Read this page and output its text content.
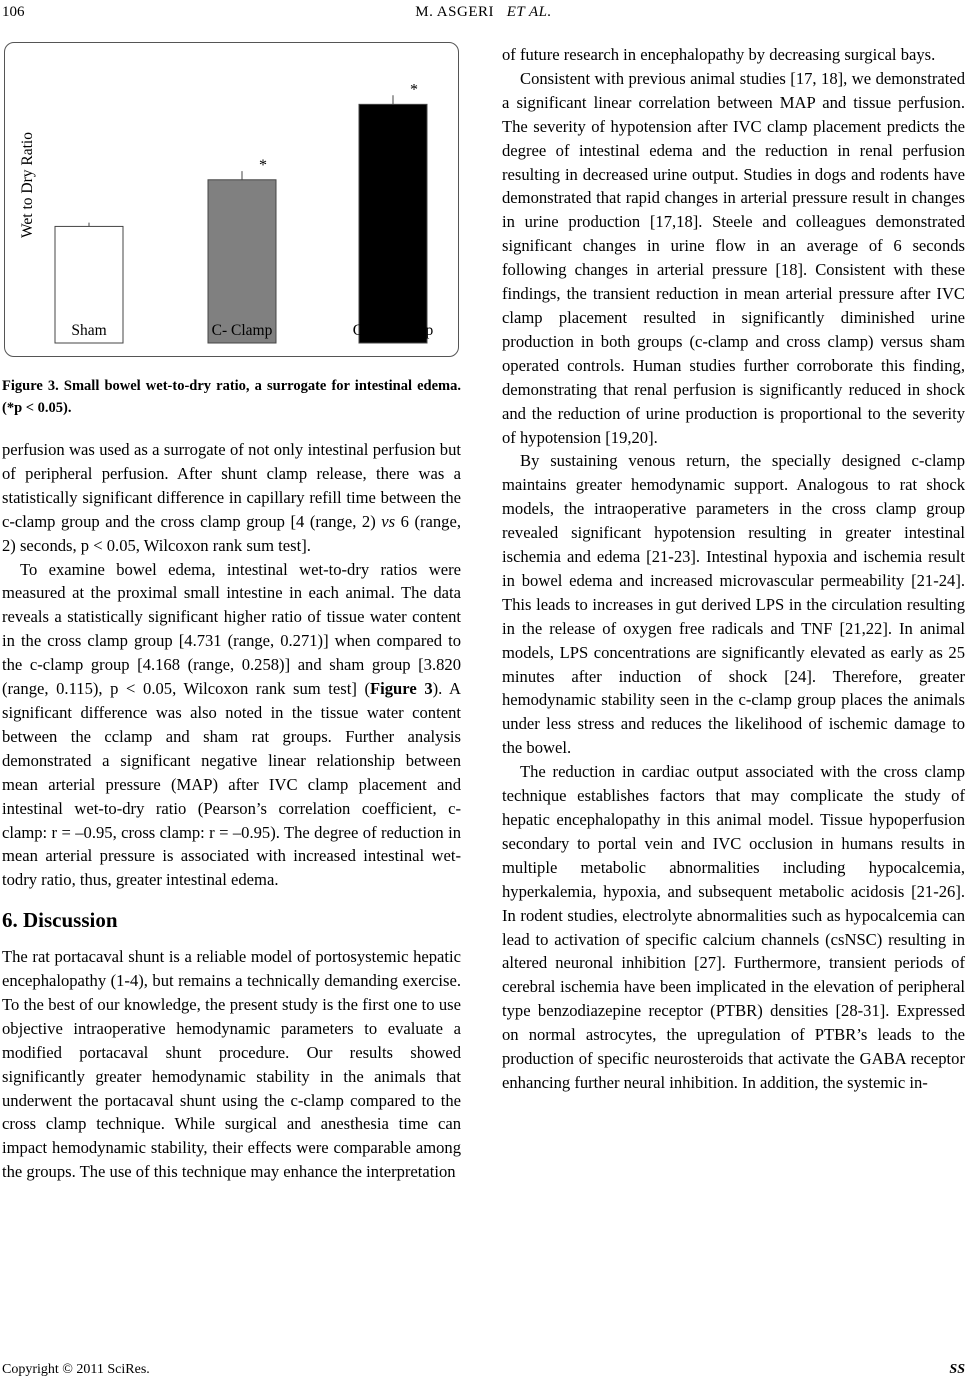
106	M. ASGERI ET AL.
Wet to Dry Ratio
Sham	C- Clamp
*
Cross Clamp
*
Figure 3. Small bowel wet-to-dry ratio, a surrogate for intestinal edema. (*p < 0.05).

perfusion was used as a surrogate of not only intestinal perfusion but of peripheral perfusion. After shunt clamp release, there was a statistically significant difference in capillary refill time between the c-clamp group and the cross clamp group [4 (range, 2) vs 6 (range, 2) seconds, p < 0.05, Wilcoxon rank sum test].

To examine bowel edema, intestinal wet-to-dry ratios were measured at the proximal small intestine in each animal. The data reveals a statistically significant higher ratio of tissue water content in the cross clamp group [4.731 (range, 0.271)] when compared to the c-clamp group [4.168 (range, 0.258)] and sham group [3.820 (range, 0.115), p < 0.05, Wilcoxon rank sum test] (Figure 3). A significant difference was also noted in the tissue water content between the cclamp and sham rat groups. Further analysis demonstrated a significant negative linear relationship between mean arterial pressure (MAP) after IVC clamp placement and intestinal wet-to-dry ratio (Pearson’s correlation coefficient, c-clamp: r = –0.95, cross clamp: r = –0.95). The degree of reduction in mean arterial pressure is associated with increased intestinal wet-todry ratio, thus, greater intestinal edema.

6. Discussion

The rat portacaval shunt is a reliable model of portosystemic hepatic encephalopathy (1-4), but remains a technically demanding exercise. To the best of our knowledge, the present study is the first one to use objective intraoperative hemodynamic parameters to evaluate a modified portacaval shunt procedure. Our results showed significantly greater hemodynamic stability in the animals that underwent the portacaval shunt using the c-clamp compared to the cross clamp technique. While surgical and anesthesia time can impact hemodynamic stability, their effects were comparable among the groups. The use of this technique may enhance the interpretation

of future research in encephalopathy by decreasing surgical bays.

Consistent with previous animal studies [17, 18], we demonstrated a significant linear correlation between MAP and tissue perfusion. The severity of hypotension after IVC clamp placement predicts the degree of intestinal edema and the reduction in renal perfusion resulting in decreased urine output. Studies in dogs and rodents have demonstrated that rapid changes in arterial pressure result in changes in urine production [17,18]. Steele and colleagues demonstrated significant changes in urine flow in an average of 6 seconds following changes in arterial pressure [18]. Consistent with these findings, the transient reduction in mean arterial pressure after IVC clamp placement resulted in significantly diminished urine production in both groups (c-clamp and cross clamp) versus sham operated controls. Human studies further corroborate this finding, demonstrating that renal perfusion is significantly reduced in shock and the reduction of urine production is proportional to the severity of hypotension [19,20].

By sustaining venous return, the specially designed c-clamp maintains greater hemodynamic support. Analogous to rat shock models, the intraoperative parameters in the cross clamp group revealed significant hypotension resulting in greater intestinal ischemia and edema [21-23]. Intestinal hypoxia and ischemia result in bowel edema and increased microvascular permeability [21-24]. This leads to increases in gut derived LPS in the circulation resulting in the release of oxygen free radicals and TNF [21,22]. In animal models, LPS concentrations are significantly elevated as early as 25 minutes after induction of shock [24]. Therefore, greater hemodynamic stability seen in the c-clamp group places the animals under less stress and reduces the likelihood of ischemic damage to the bowel.

The reduction in cardiac output associated with the cross clamp technique establishes factors that may complicate the study of hepatic encephalopathy in this animal model. Tissue hypoperfusion secondary to portal vein and IVC occlusion in humans results in multiple metabolic abnormalities including hypocalcemia, hyperkalemia, hypoxia, and subsequent metabolic acidosis [21-26]. In rodent studies, electrolyte abnormalities such as hypocalcemia can lead to activation of specific calcium channels (csNSC) resulting in altered neuronal inhibition [27]. Furthermore, transient periods of cerebral ischemia have been implicated in the elevation of peripheral type benzodiazepine receptor (PTBR) densities [28-31]. Expressed on normal astrocytes, the upregulation of PTBR’s leads to the production of specific neurosteroids that activate the GABA receptor enhancing further neural inhibition. In addition, the systemic in-

Copyright © 2011 SciRes.	SS
